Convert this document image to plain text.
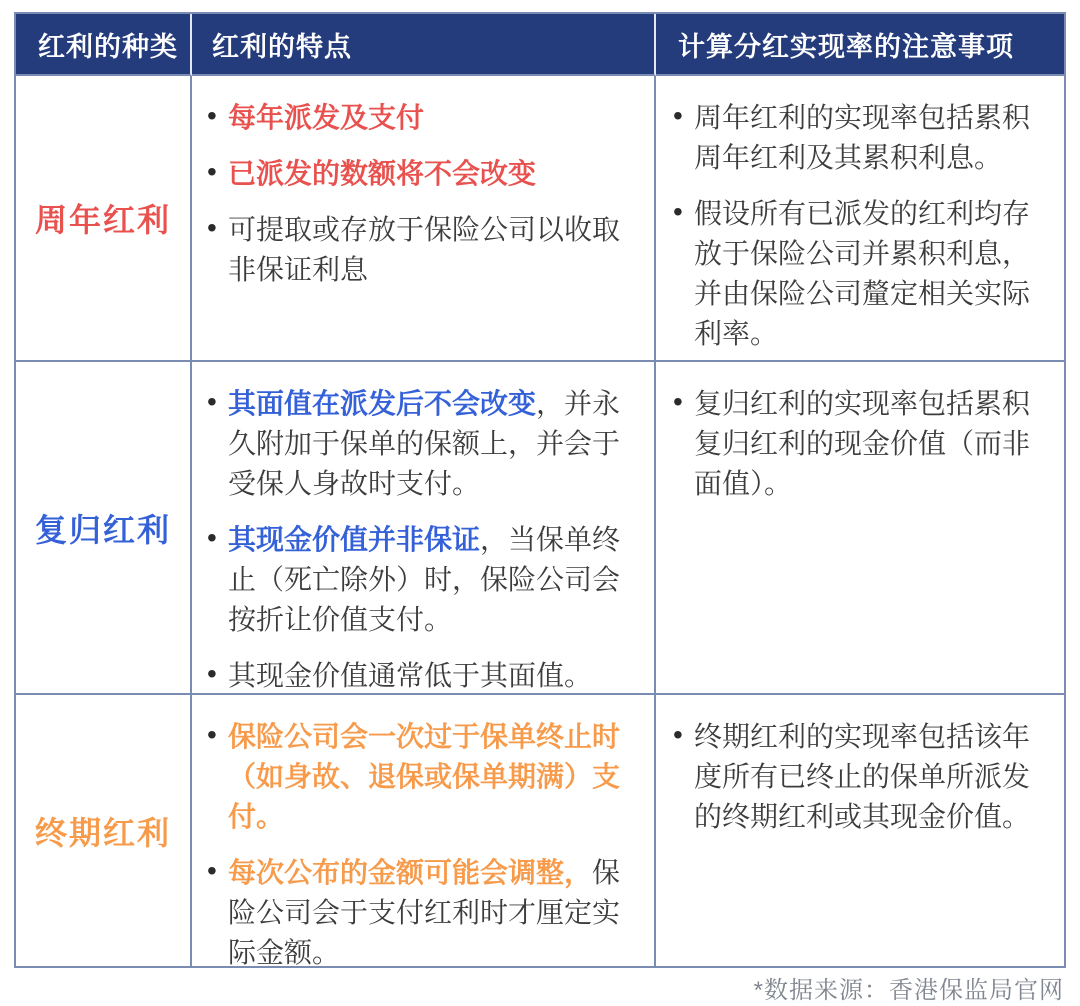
红利的种类 红利的特点	计算分红实现率的注意事项
周年红利
• 每年派发及支付
• 已派发的数额将不会改变
• 可提取或存放于保险公司以收取非保证利息
• 周年红利的实现率包括累积周年红利及其累积利息。
• 假设所有已派发的红利均存放于保险公司并累积利息，并由保险公司釐定相关实际利率。
复归红利
• 其面值在派发后不会改变，并永久附加于保单的保额上，并会于受保人身故时支付。
• 其现金价值并非保证，当保单终止（死亡除外）时，保险公司会按折让价值支付。
• 其现金价值通常低于其面值。
• 复归红利的实现率包括累积复归红利的现金价值（而非面值）。
终期红利
• 保险公司会一次过于保单终止时（如身故、退保或保单期满）支付。
• 每次公布的金额可能会调整，保险公司会于支付红利时才厘定实际金额。
• 终期红利的实现率包括该年度所有已终止的保单所派发的终期红利或其现金价值。
*数据来源：香港保监局官网
